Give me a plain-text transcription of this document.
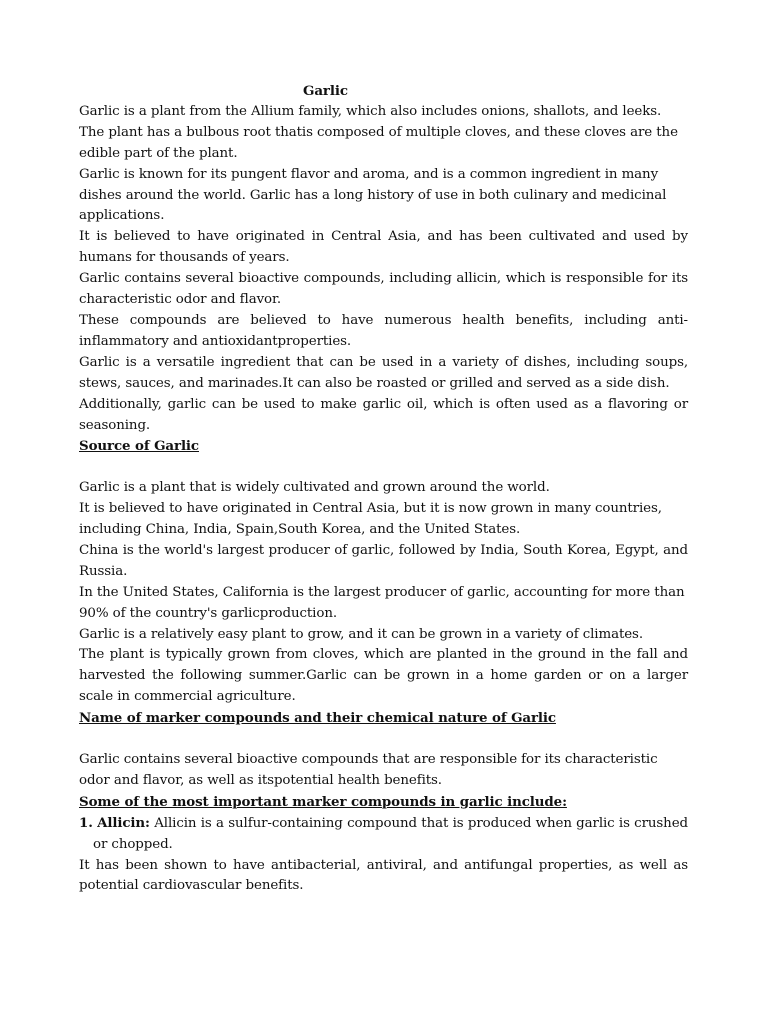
Garlic

Garlic is a plant from the Allium family, which also includes onions, shallots, and leeks. The plant has a bulbous root thatis composed of multiple cloves, and these cloves are the edible part of the plant.

Garlic is known for its pungent flavor and aroma, and is a common ingredient in many dishes around the world. Garlic has a long history of use in both culinary and medicinal applications.

It is believed to have originated in Central Asia, and has been cultivated and used by humans for thousands of years.

Garlic contains several bioactive compounds, including allicin, which is responsible for its characteristic odor and flavor.

These compounds are believed to have numerous health benefits, including anti-inflammatory and antioxidantproperties.

Garlic is a versatile ingredient that can be used in a variety of dishes, including soups, stews, sauces, and marinades.It can also be roasted or grilled and served as a side dish.

Additionally, garlic can be used to make garlic oil, which is often used as a flavoring or seasoning.

Source of Garlic

Garlic is a plant that is widely cultivated and grown around the world.

It is believed to have originated in Central Asia, but it is now grown in many countries, including China, India, Spain,South Korea, and the United States.

China is the world's largest producer of garlic, followed by India, South Korea, Egypt, and Russia.

In the United States, California is the largest producer of garlic, accounting for more than 90% of the country's garlicproduction.

Garlic is a relatively easy plant to grow, and it can be grown in a variety of climates.

The plant is typically grown from cloves, which are planted in the ground in the fall and harvested the following summer.Garlic can be grown in a home garden or on a larger scale in commercial agriculture.

Name of marker compounds and their chemical nature of Garlic

Garlic contains several bioactive compounds that are responsible for its characteristic odor and flavor, as well as itspotential health benefits.

Some of the most important marker compounds in garlic include:

1. Allicin: Allicin is a sulfur-containing compound that is produced when garlic is crushed or chopped.

It has been shown to have antibacterial, antiviral, and antifungal properties, as well as potential cardiovascular benefits.
